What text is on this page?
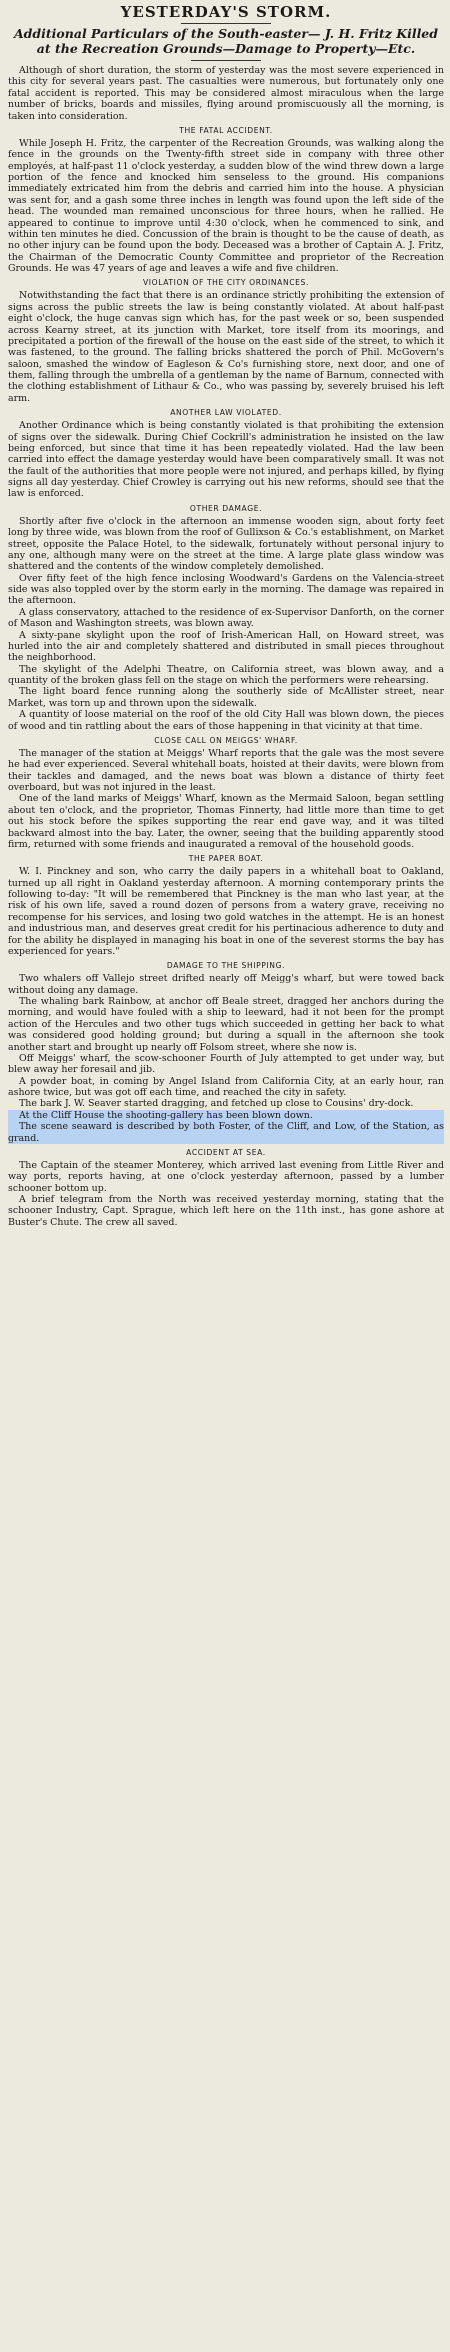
YESTERDAY'S STORM.
Additional Particulars of the South-easter— J. H. Fritz Killed at the Recreation Grounds—Damage to Property—Etc.

Although of short duration, the storm of yesterday was the most severe experienced in this city for several years past. The casualties were numerous, but fortunately only one fatal accident is reported. This may be considered almost miraculous when the large number of bricks, boards and missiles, flying around promiscuously all the morning, is taken into consideration.

THE FATAL ACCIDENT.

While Joseph H. Fritz, the carpenter of the Recreation Grounds, was walking along the fence in the grounds on the Twenty-fifth street side in company with three other employés, at half-past 11 o'clock yesterday, a sudden blow of the wind threw down a large portion of the fence and knocked him senseless to the ground. His companions immediately extricated him from the debris and carried him into the house. A physician was sent for, and a gash some three inches in length was found upon the left side of the head. The wounded man remained unconscious for three hours, when he rallied. He appeared to continue to improve until 4:30 o'clock, when he commenced to sink, and within ten minutes he died. Concussion of the brain is thought to be the cause of death, as no other injury can be found upon the body. Deceased was a brother of Captain A. J. Fritz, the Chairman of the Democratic County Committee and proprietor of the Recreation Grounds. He was 47 years of age and leaves a wife and five children.

VIOLATION OF THE CITY ORDINANCES.

Notwithstanding the fact that there is an ordinance strictly prohibiting the extension of signs across the public streets the law is being constantly violated. At about half-past eight o'clock, the huge canvas sign which has, for the past week or so, been suspended across Kearny street, at its junction with Market, tore itself from its moorings, and precipitated a portion of the firewall of the house on the east side of the street, to which it was fastened, to the ground. The falling bricks shattered the porch of Phil. McGovern's saloon, smashed the window of Eagleson & Co's furnishing store, next door, and one of them, falling through the umbrella of a gentleman by the name of Barnum, connected with the clothing establishment of Lithaur & Co., who was passing by, severely bruised his left arm.

ANOTHER LAW VIOLATED.

Another Ordinance which is being constantly violated is that prohibiting the extension of signs over the sidewalk. During Chief Cockrill's administration he insisted on the law being enforced, but since that time it has been repeatedly violated. Had the law been carried into effect the damage yesterday would have been comparatively small. It was not the fault of the authorities that more people were not injured, and perhaps killed, by flying signs all day yesterday. Chief Crowley is carrying out his new reforms, should see that the law is enforced.

OTHER DAMAGE.

Shortly after five o'clock in the afternoon an immense wooden sign, about forty feet long by three wide, was blown from the roof of Gullixson & Co.'s establishment, on Market street, opposite the Palace Hotel, to the sidewalk, fortunately without personal injury to any one, although many were on the street at the time. A large plate glass window was shattered and the contents of the window completely demolished.

Over fifty feet of the high fence inclosing Woodward's Gardens on the Valencia-street side was also toppled over by the storm early in the morning. The damage was repaired in the afternoon.

A glass conservatory, attached to the residence of ex-Supervisor Danforth, on the corner of Mason and Washington streets, was blown away.

A sixty-pane skylight upon the roof of Irish-American Hall, on Howard street, was hurled into the air and completely shattered and distributed in small pieces throughout the neighborhood.

The skylight of the Adelphi Theatre, on California street, was blown away, and a quantity of the broken glass fell on the stage on which the performers were rehearsing.

The light board fence running along the southerly side of McAllister street, near Market, was torn up and thrown upon the sidewalk.

A quantity of loose material on the roof of the old City Hall was blown down, the pieces of wood and tin rattling about the ears of those happening in that vicinity at that time.

CLOSE CALL ON MEIGGS' WHARF.

The manager of the station at Meiggs' Wharf reports that the gale was the most severe he had ever experienced. Several whitehall boats, hoisted at their davits, were blown from their tackles and damaged, and the news boat was blown a distance of thirty feet overboard, but was not injured in the least.

One of the land marks of Meiggs' Wharf, known as the Mermaid Saloon, began settling about ten o'clock, and the proprietor, Thomas Finnerty, had little more than time to get out his stock before the spikes supporting the rear end gave way, and it was tilted backward almost into the bay. Later, the owner, seeing that the building apparently stood firm, returned with some friends and inaugurated a removal of the household goods.

THE PAPER BOAT.

W. I. Pinckney and son, who carry the daily papers in a whitehall boat to Oakland, turned up all right in Oakland yesterday afternoon. A morning contemporary prints the following to-day: "It will be remembered that Pinckney is the man who last year, at the risk of his own life, saved a round dozen of persons from a watery grave, receiving no recompense for his services, and losing two gold watches in the attempt. He is an honest and industrious man, and deserves great credit for his pertinacious adherence to duty and for the ability he displayed in managing his boat in one of the severest storms the bay has experienced for years."

DAMAGE TO THE SHIPPING.

Two whalers off Vallejo street drifted nearly off Meigg's wharf, but were towed back without doing any damage.

The whaling bark Rainbow, at anchor off Beale street, dragged her anchors during the morning, and would have fouled with a ship to leeward, had it not been for the prompt action of the Hercules and two other tugs which succeeded in getting her back to what was considered good holding ground; but during a squall in the afternoon she took another start and brought up nearly off Folsom street, where she now is.

Off Meiggs' wharf, the scow-schooner Fourth of July attempted to get under way, but blew away her foresail and jib.

A powder boat, in coming by Angel Island from California City, at an early hour, ran ashore twice, but was got off each time, and reached the city in safety.

The bark J. W. Seaver started dragging, and fetched up close to Cousins' dry-dock.

At the Cliff House the shooting-gallery has been blown down.

The scene seaward is described by both Foster, of the Cliff, and Low, of the Station, as grand.

ACCIDENT AT SEA.

The Captain of the steamer Monterey, which arrived last evening from Little River and way ports, reports having, at one o'clock yesterday afternoon, passed by a lumber schooner bottom up.

A brief telegram from the North was received yesterday morning, stating that the schooner Industry, Capt. Sprague, which left here on the 11th inst., has gone ashore at Buster's Chute. The crew all saved.
